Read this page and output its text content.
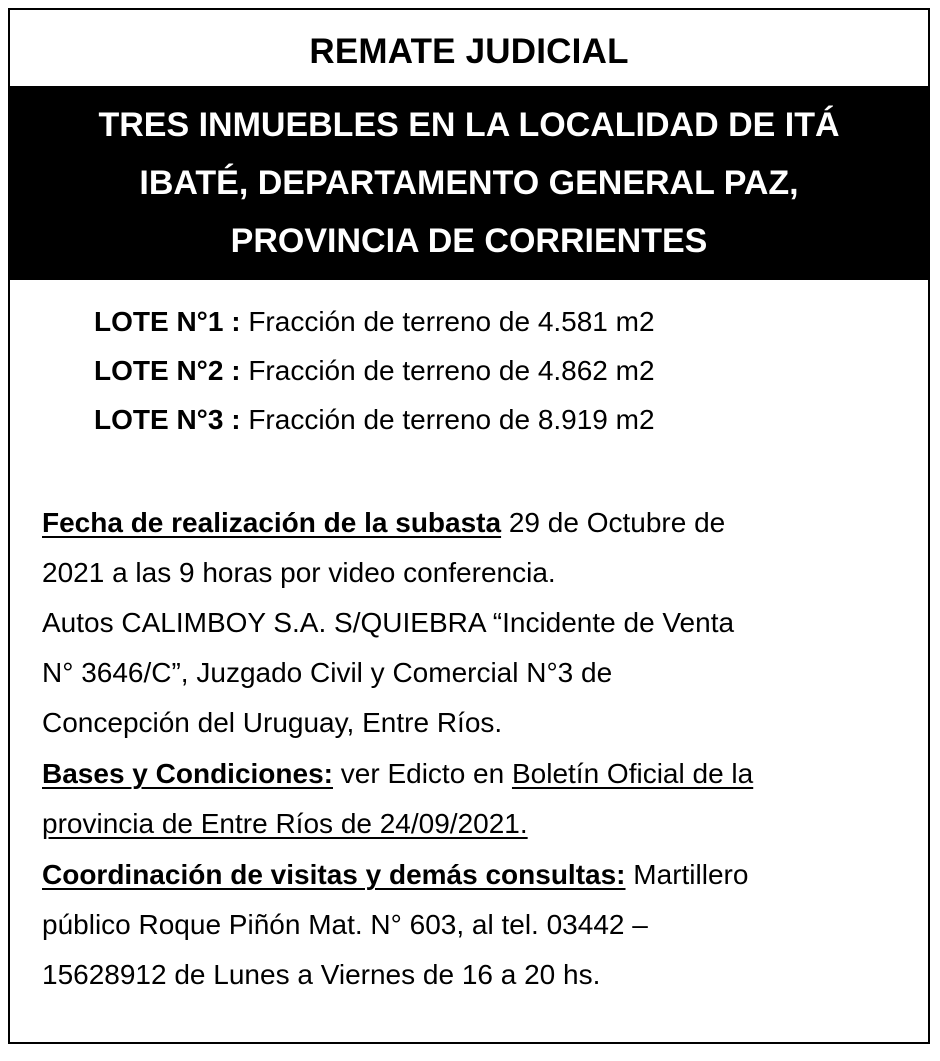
REMATE JUDICIAL
TRES INMUEBLES EN LA LOCALIDAD DE ITÁ
IBATÉ, DEPARTAMENTO GENERAL PAZ,
PROVINCIA DE CORRIENTES
LOTE N°1 : Fracción de terreno de 4.581 m2
LOTE N°2 : Fracción de terreno de 4.862 m2
LOTE N°3 : Fracción de terreno de 8.919 m2
Fecha de realización de la subasta 29 de Octubre de
2021 a las 9 horas por video conferencia.
Autos CALIMBOY S.A. S/QUIEBRA “Incidente de Venta
N° 3646/C”, Juzgado Civil y Comercial N°3 de
Concepción del Uruguay, Entre Ríos.
Bases y Condiciones: ver Edicto en Boletín Oficial de la
provincia de Entre Ríos de 24/09/2021.
Coordinación de visitas y demás consultas: Martillero
público Roque Piñón Mat. N° 603, al tel. 03442 –
15628912 de Lunes a Viernes de 16 a 20 hs.
